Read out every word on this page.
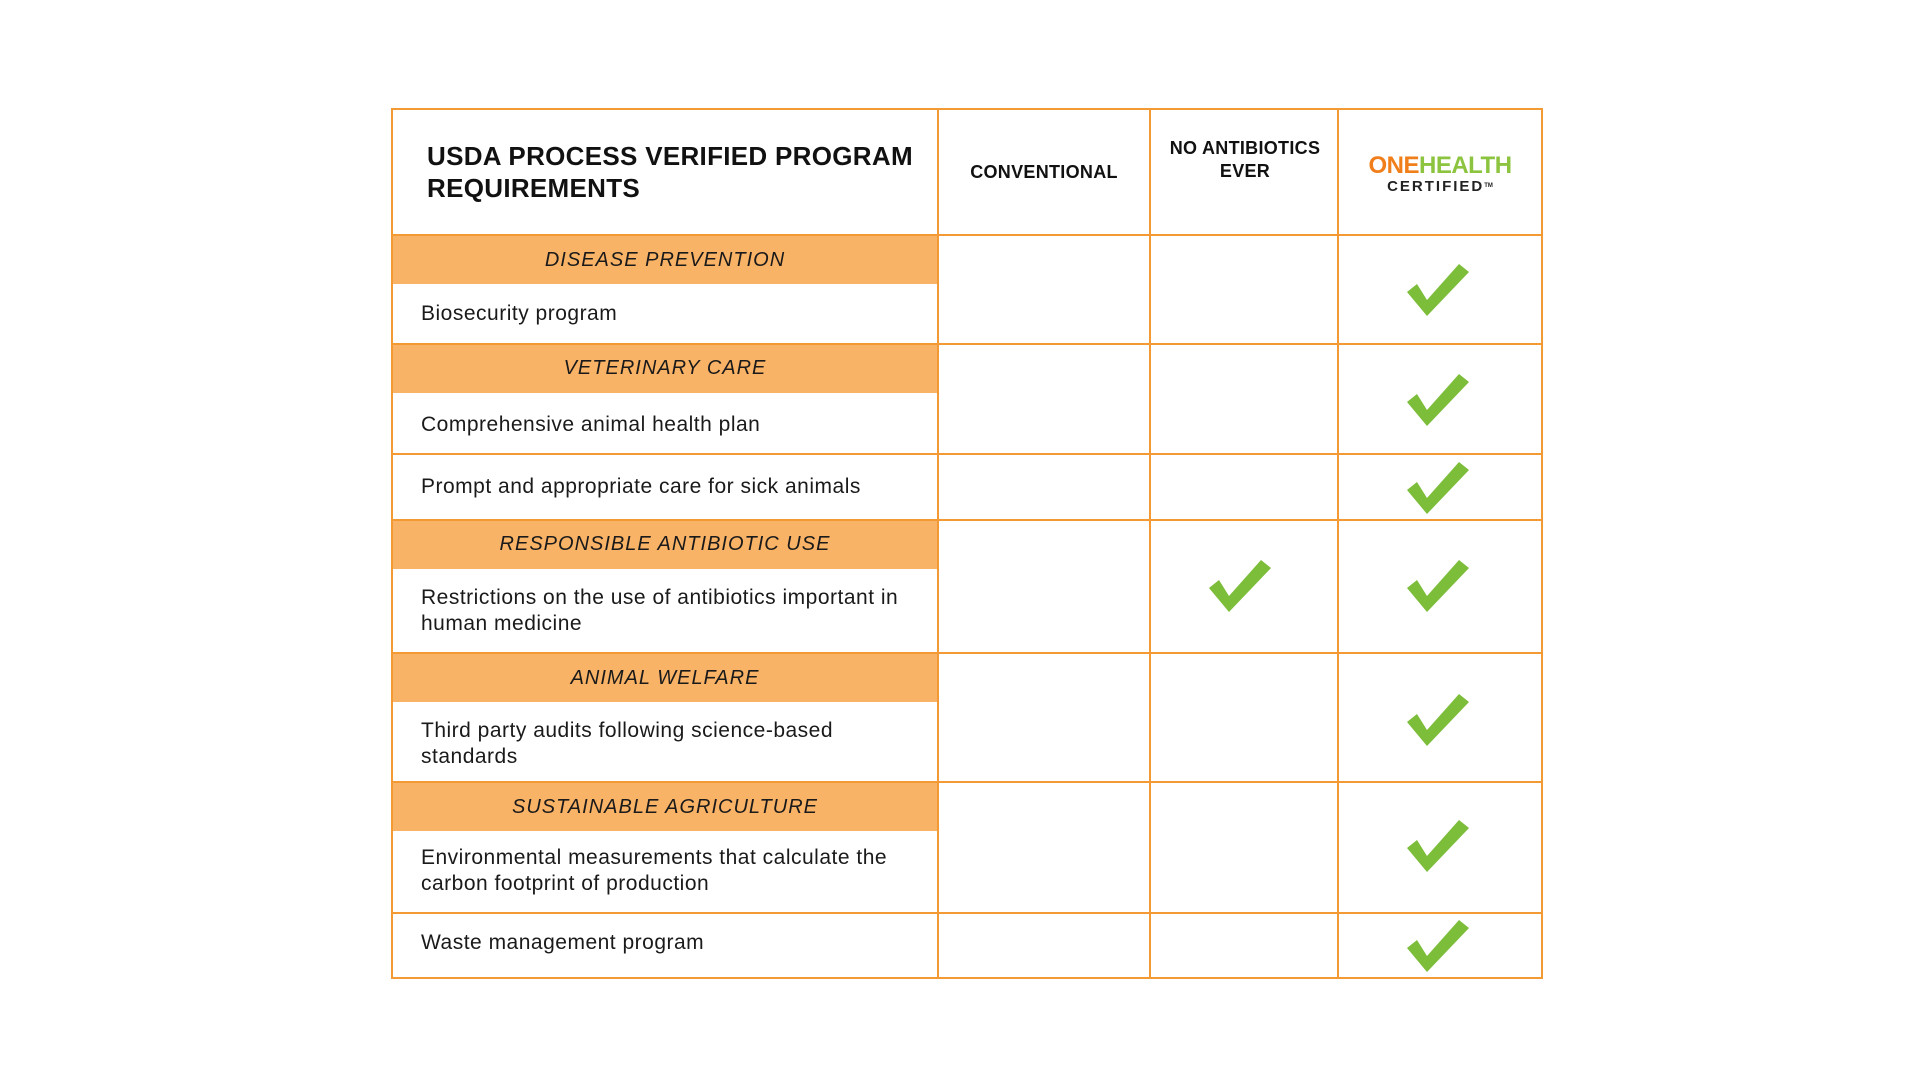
USDA PROCESS VERIFIED PROGRAM REQUIREMENTS
CONVENTIONAL
NO ANTIBIOTICS EVER	ONEHEALTH
CERTIFIEDTM
DISEASE PREVENTION
VETERINARY CARE
RESPONSIBLE ANTIBIOTIC USE
ANIMAL WELFARE
SUSTAINABLE AGRICULTURE
Biosecurity program
Comprehensive animal health plan
Prompt and appropriate care for sick animals
Restrictions on the use of antibiotics important in human medicine
Third party audits following science-based standards
Environmental measurements that calculate the carbon footprint of production
Waste management program
